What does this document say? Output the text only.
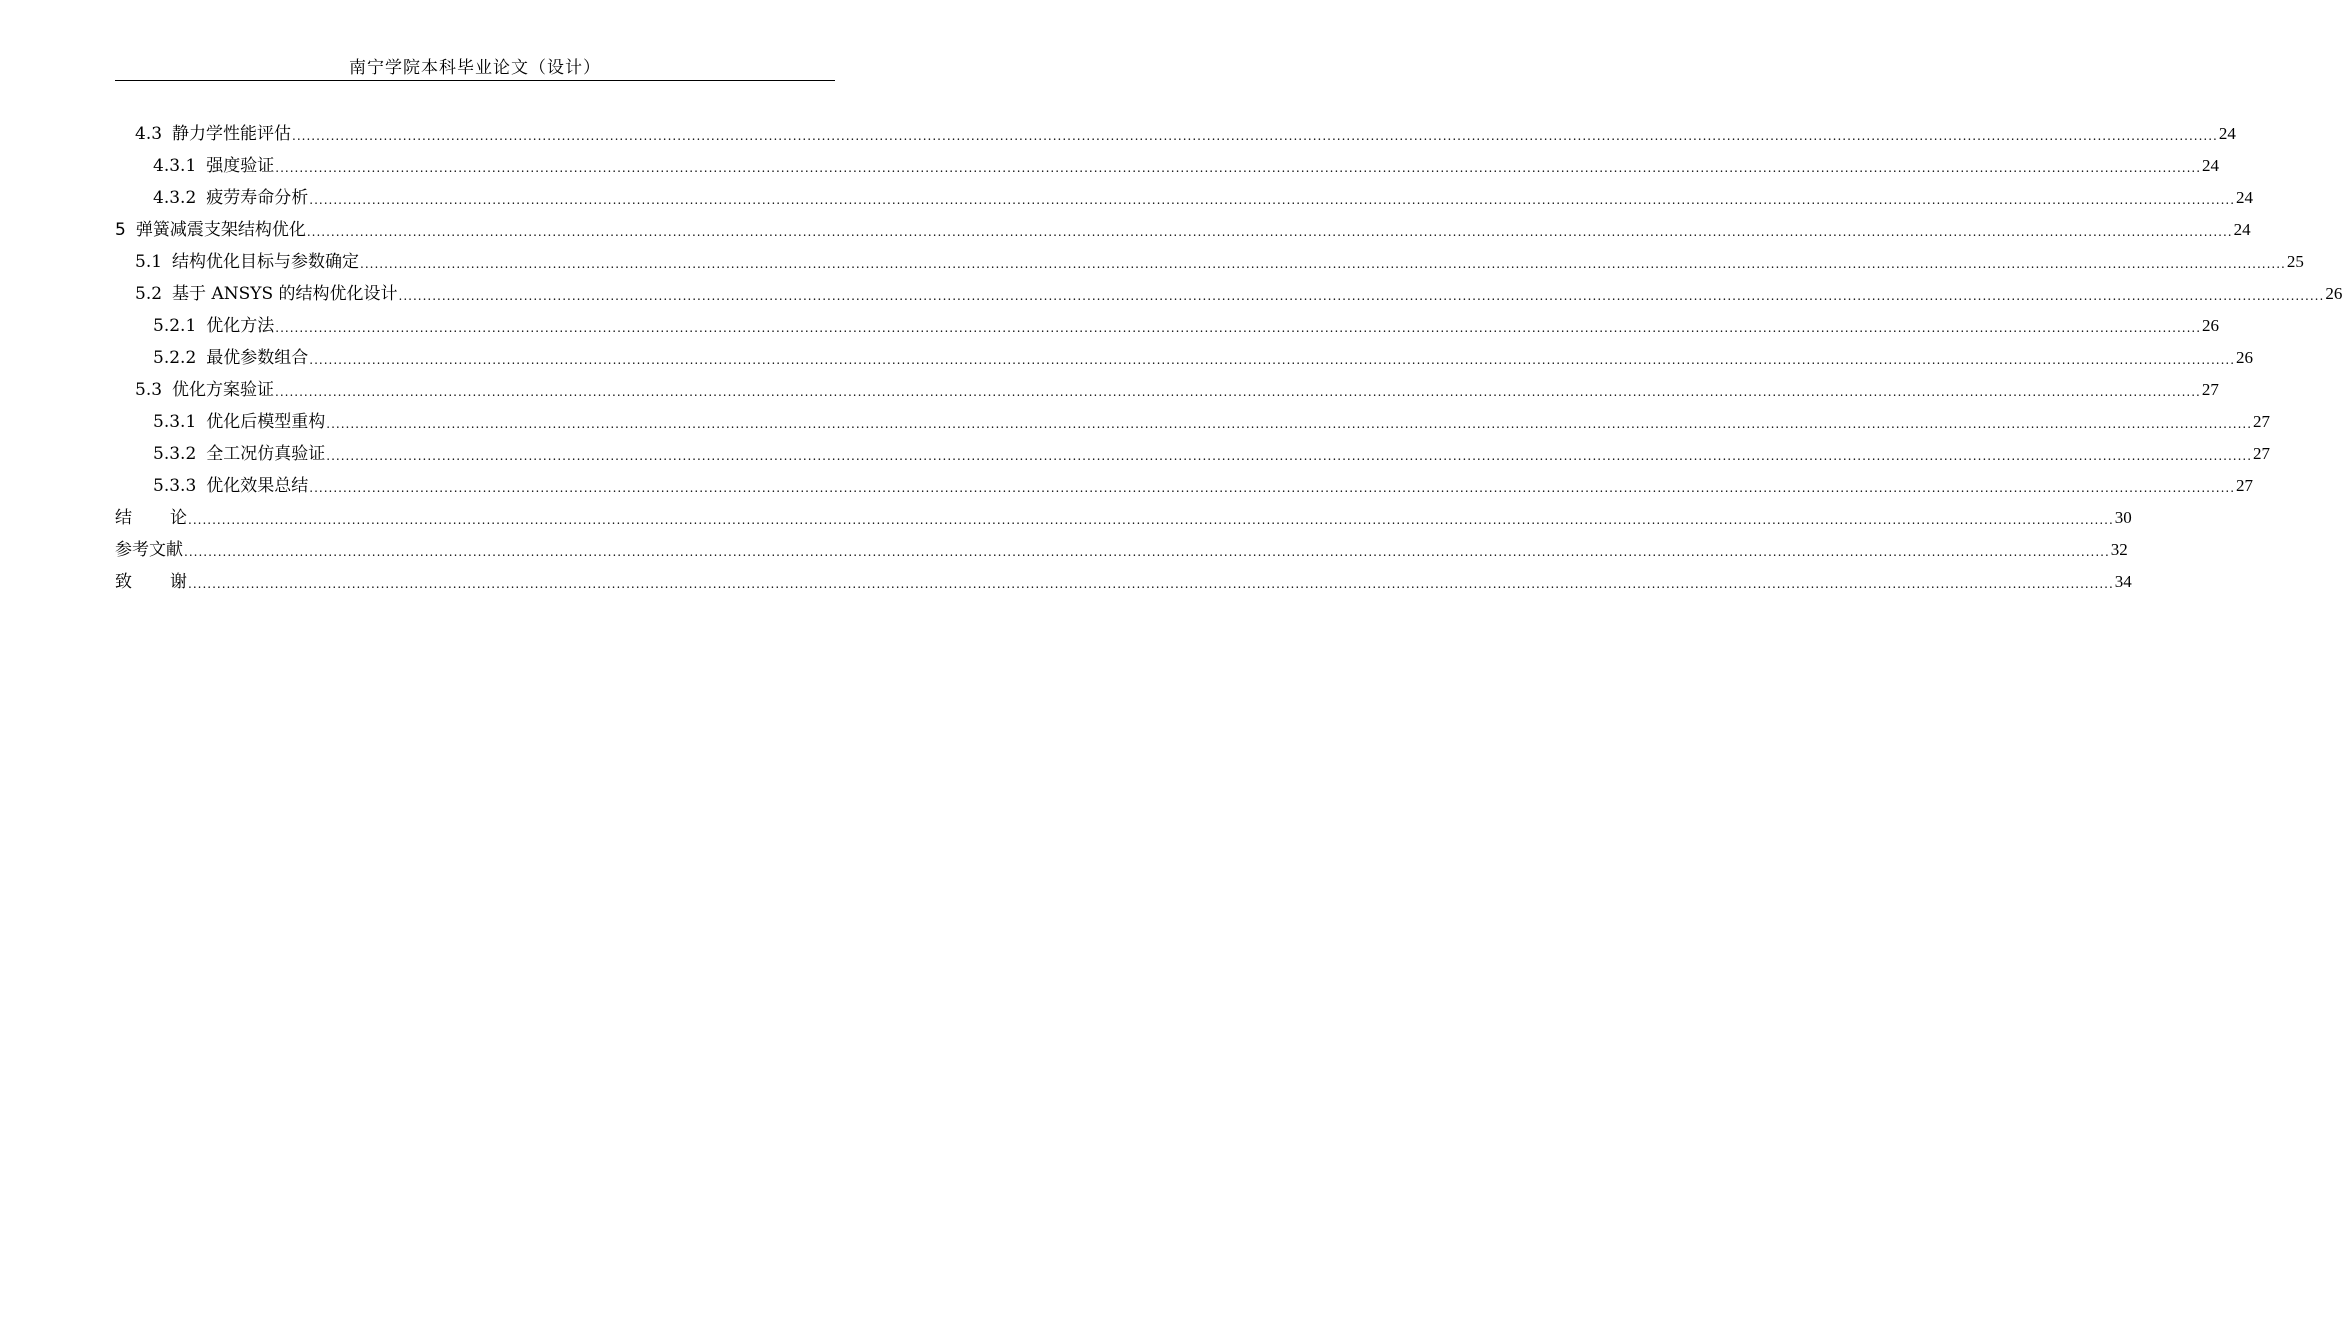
南宁学院本科毕业论文（设计）
4.3 静力学性能评估 ................................................................................................................................................................................................................................................................................................................................................................................................................ 24
4.3.1 强度验证 ................................................................................................................................................................................................................................................................................................................................................................................................................ 24
4.3.2 疲劳寿命分析 ................................................................................................................................................................................................................................................................................................................................................................................................................ 24
5 弹簧减震支架结构优化 ................................................................................................................................................................................................................................................................................................................................................................................................................ 24
5.1 结构优化目标与参数确定 ................................................................................................................................................................................................................................................................................................................................................................................................................ 25
5.2 基于 ANSYS 的结构优化设计 ................................................................................................................................................................................................................................................................................................................................................................................................................ 26
5.2.1 优化方法 ................................................................................................................................................................................................................................................................................................................................................................................................................ 26
5.2.2 最优参数组合 ................................................................................................................................................................................................................................................................................................................................................................................................................ 26
5.3 优化方案验证 ................................................................................................................................................................................................................................................................................................................................................................................................................ 27
5.3.1 优化后模型重构 ................................................................................................................................................................................................................................................................................................................................................................................................................ 27
5.3.2 全工况仿真验证 ................................................................................................................................................................................................................................................................................................................................................................................................................ 27
5.3.3 优化效果总结 ................................................................................................................................................................................................................................................................................................................................................................................................................ 27
结论
................................................................................................................................................................................................................................................................................................................................................................................................................ 30
参考文献 ................................................................................................................................................................................................................................................................................................................................................................................................................ 32
致谢
................................................................................................................................................................................................................................................................................................................................................................................................................ 34
